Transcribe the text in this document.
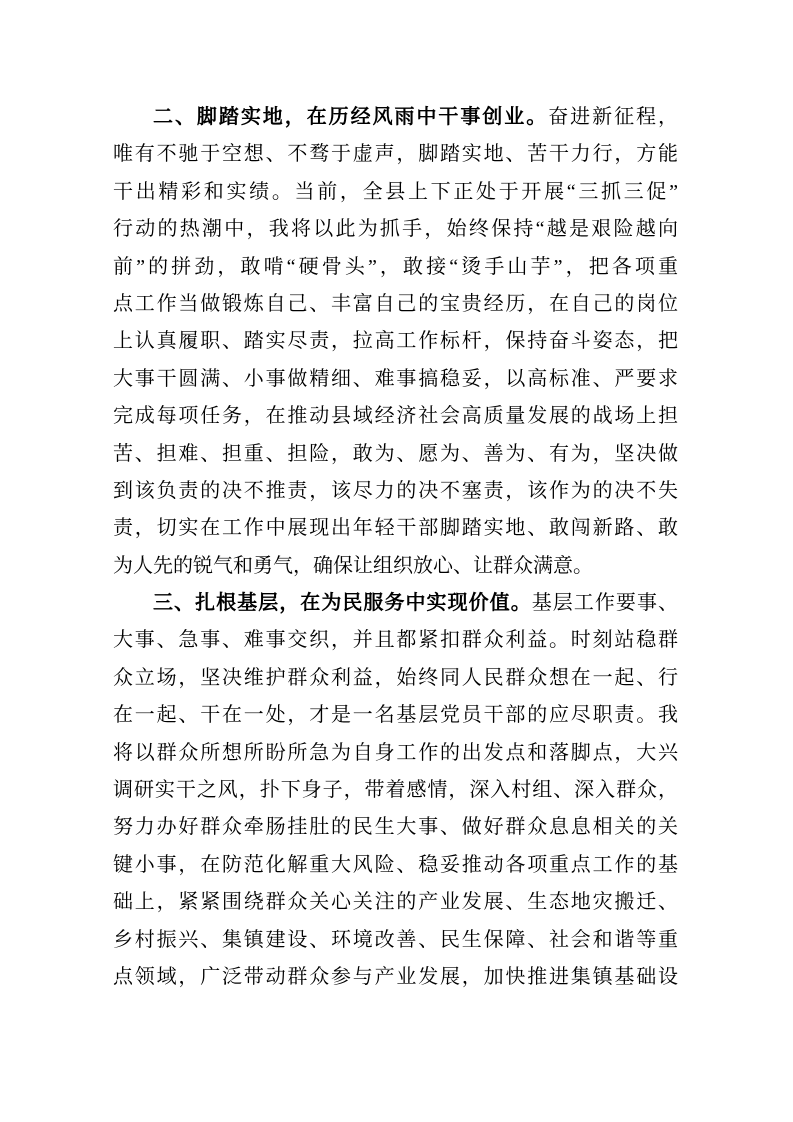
二、脚踏实地，在历经风雨中干事创业。奋进新征程，
唯有不驰于空想、不骛于虚声，脚踏实地、苦干力行，方能
干出精彩和实绩。当前，全县上下正处于开展“三抓三促”
行动的热潮中，我将以此为抓手，始终保持“越是艰险越向
前”的拼劲，敢啃“硬骨头”，敢接“烫手山芋”，把各项重
点工作当做锻炼自己、丰富自己的宝贵经历，在自己的岗位
上认真履职、踏实尽责，拉高工作标杆，保持奋斗姿态，把
大事干圆满、小事做精细、难事搞稳妥，以高标准、严要求
完成每项任务，在推动县域经济社会高质量发展的战场上担
苦、担难、担重、担险，敢为、愿为、善为、有为，坚决做
到该负责的决不推责，该尽力的决不塞责，该作为的决不失
责，切实在工作中展现出年轻干部脚踏实地、敢闯新路、敢
为人先的锐气和勇气，确保让组织放心、让群众满意。
三、扎根基层，在为民服务中实现价值。基层工作要事、
大事、急事、难事交织，并且都紧扣群众利益。时刻站稳群
众立场，坚决维护群众利益，始终同人民群众想在一起、行
在一起、干在一处，才是一名基层党员干部的应尽职责。我
将以群众所想所盼所急为自身工作的出发点和落脚点，大兴
调研实干之风，扑下身子，带着感情，深入村组、深入群众，
努力办好群众牵肠挂肚的民生大事、做好群众息息相关的关
键小事，在防范化解重大风险、稳妥推动各项重点工作的基
础上，紧紧围绕群众关心关注的产业发展、生态地灾搬迁、
乡村振兴、集镇建设、环境改善、民生保障、社会和谐等重
点领域，广泛带动群众参与产业发展，加快推进集镇基础设
